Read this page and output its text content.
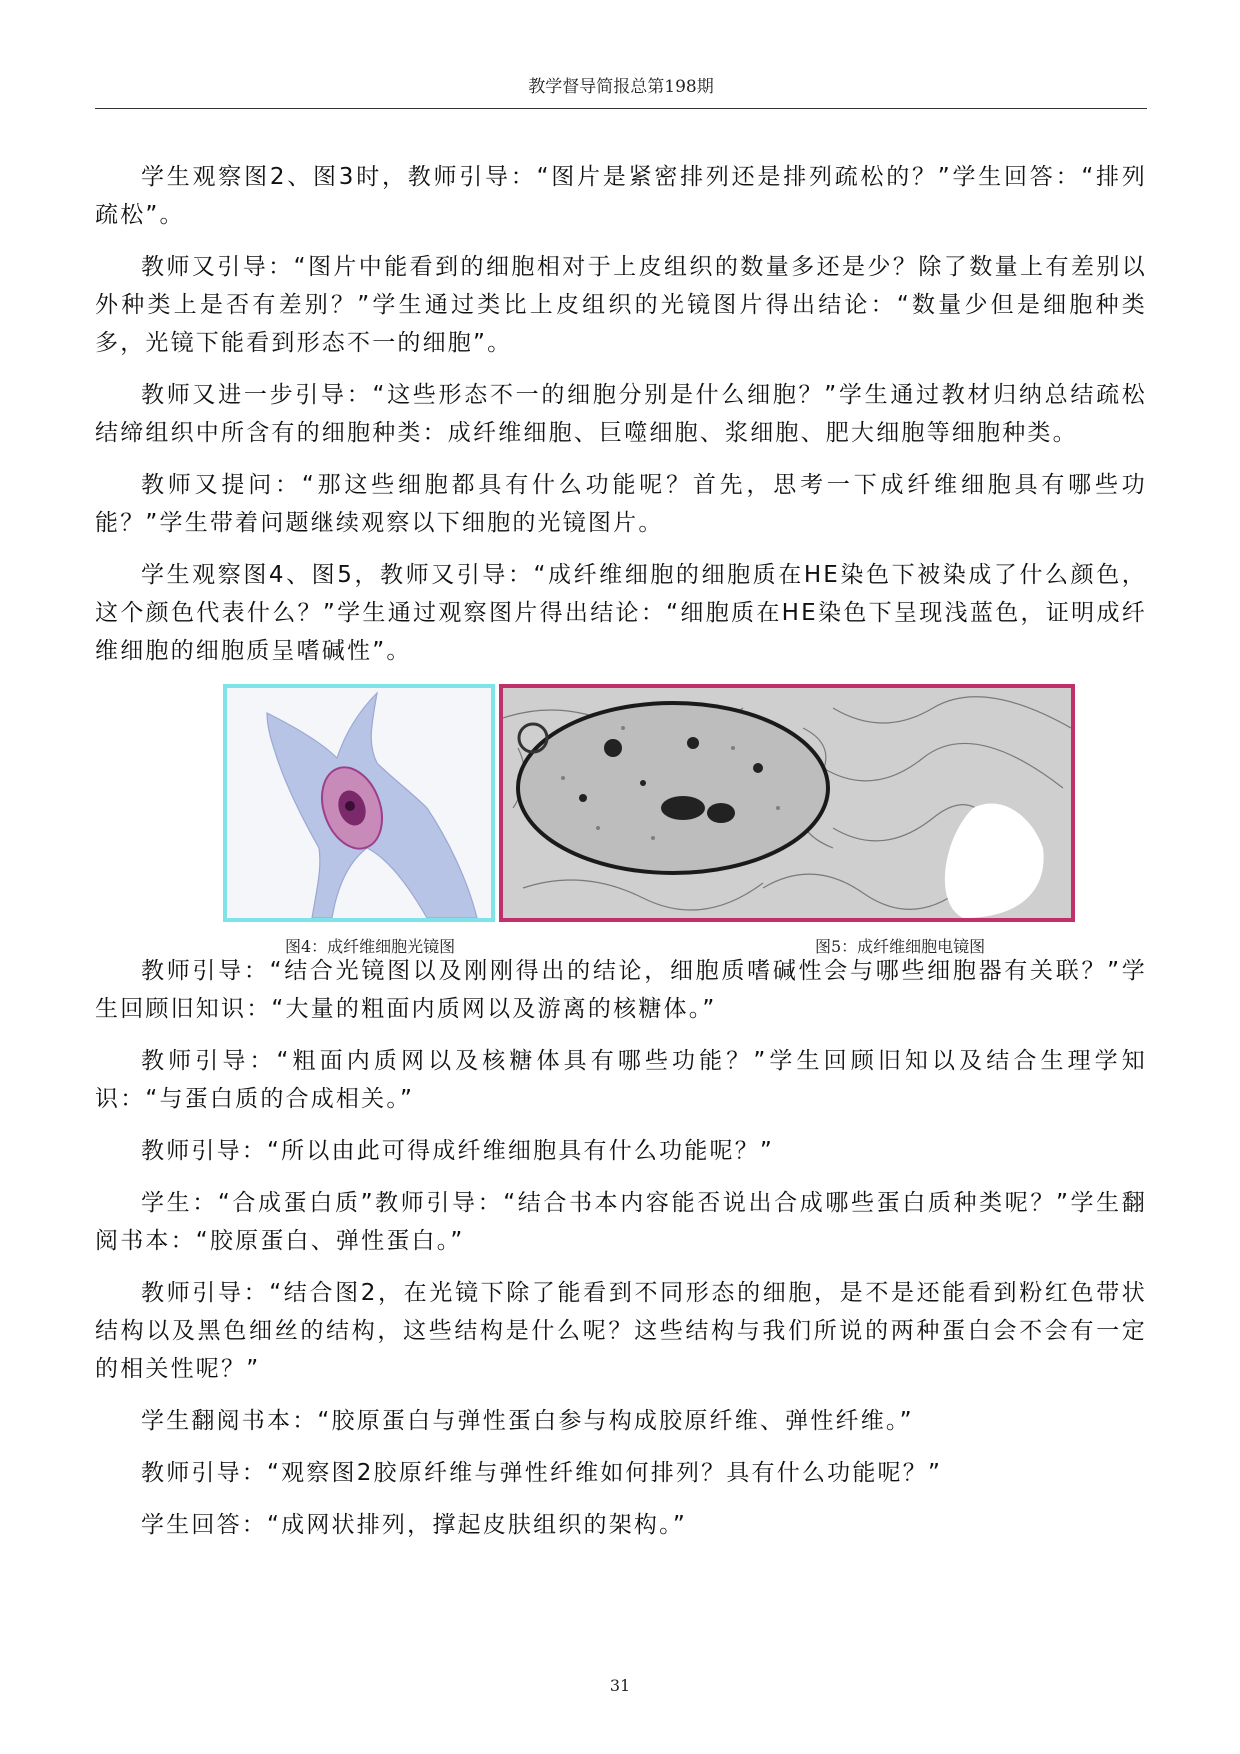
教学督导简报总第198期

学生观察图2、图3时，教师引导：“图片是紧密排列还是排列疏松的？”学生回答：“排列疏松”。

教师又引导：“图片中能看到的细胞相对于上皮组织的数量多还是少？除了数量上有差别以外种类上是否有差别？”学生通过类比上皮组织的光镜图片得出结论：“数量少但是细胞种类多，光镜下能看到形态不一的细胞”。

教师又进一步引导：“这些形态不一的细胞分别是什么细胞？”学生通过教材归纳总结疏松结缔组织中所含有的细胞种类：成纤维细胞、巨噬细胞、浆细胞、肥大细胞等细胞种类。

教师又提问：“那这些细胞都具有什么功能呢？首先，思考一下成纤维细胞具有哪些功能？”学生带着问题继续观察以下细胞的光镜图片。

学生观察图4、图5，教师又引导：“成纤维细胞的细胞质在HE染色下被染成了什么颜色，这个颜色代表什么？”学生通过观察图片得出结论：“细胞质在HE染色下呈现浅蓝色，证明成纤维细胞的细胞质呈嗜碱性”。

图4：成纤维细胞光镜图	图5：成纤维细胞电镜图

教师引导：“结合光镜图以及刚刚得出的结论，细胞质嗜碱性会与哪些细胞器有关联？”学生回顾旧知识：“大量的粗面内质网以及游离的核糖体。”

教师引导：“粗面内质网以及核糖体具有哪些功能？”学生回顾旧知以及结合生理学知识：“与蛋白质的合成相关。”

教师引导：“所以由此可得成纤维细胞具有什么功能呢？”

学生：“合成蛋白质”教师引导：“结合书本内容能否说出合成哪些蛋白质种类呢？”学生翻阅书本：“胶原蛋白、弹性蛋白。”

教师引导：“结合图2，在光镜下除了能看到不同形态的细胞，是不是还能看到粉红色带状结构以及黑色细丝的结构，这些结构是什么呢？这些结构与我们所说的两种蛋白会不会有一定的相关性呢？”

学生翻阅书本：“胶原蛋白与弹性蛋白参与构成胶原纤维、弹性纤维。”

教师引导：“观察图2胶原纤维与弹性纤维如何排列？具有什么功能呢？”

学生回答：“成网状排列，撑起皮肤组织的架构。”

31
